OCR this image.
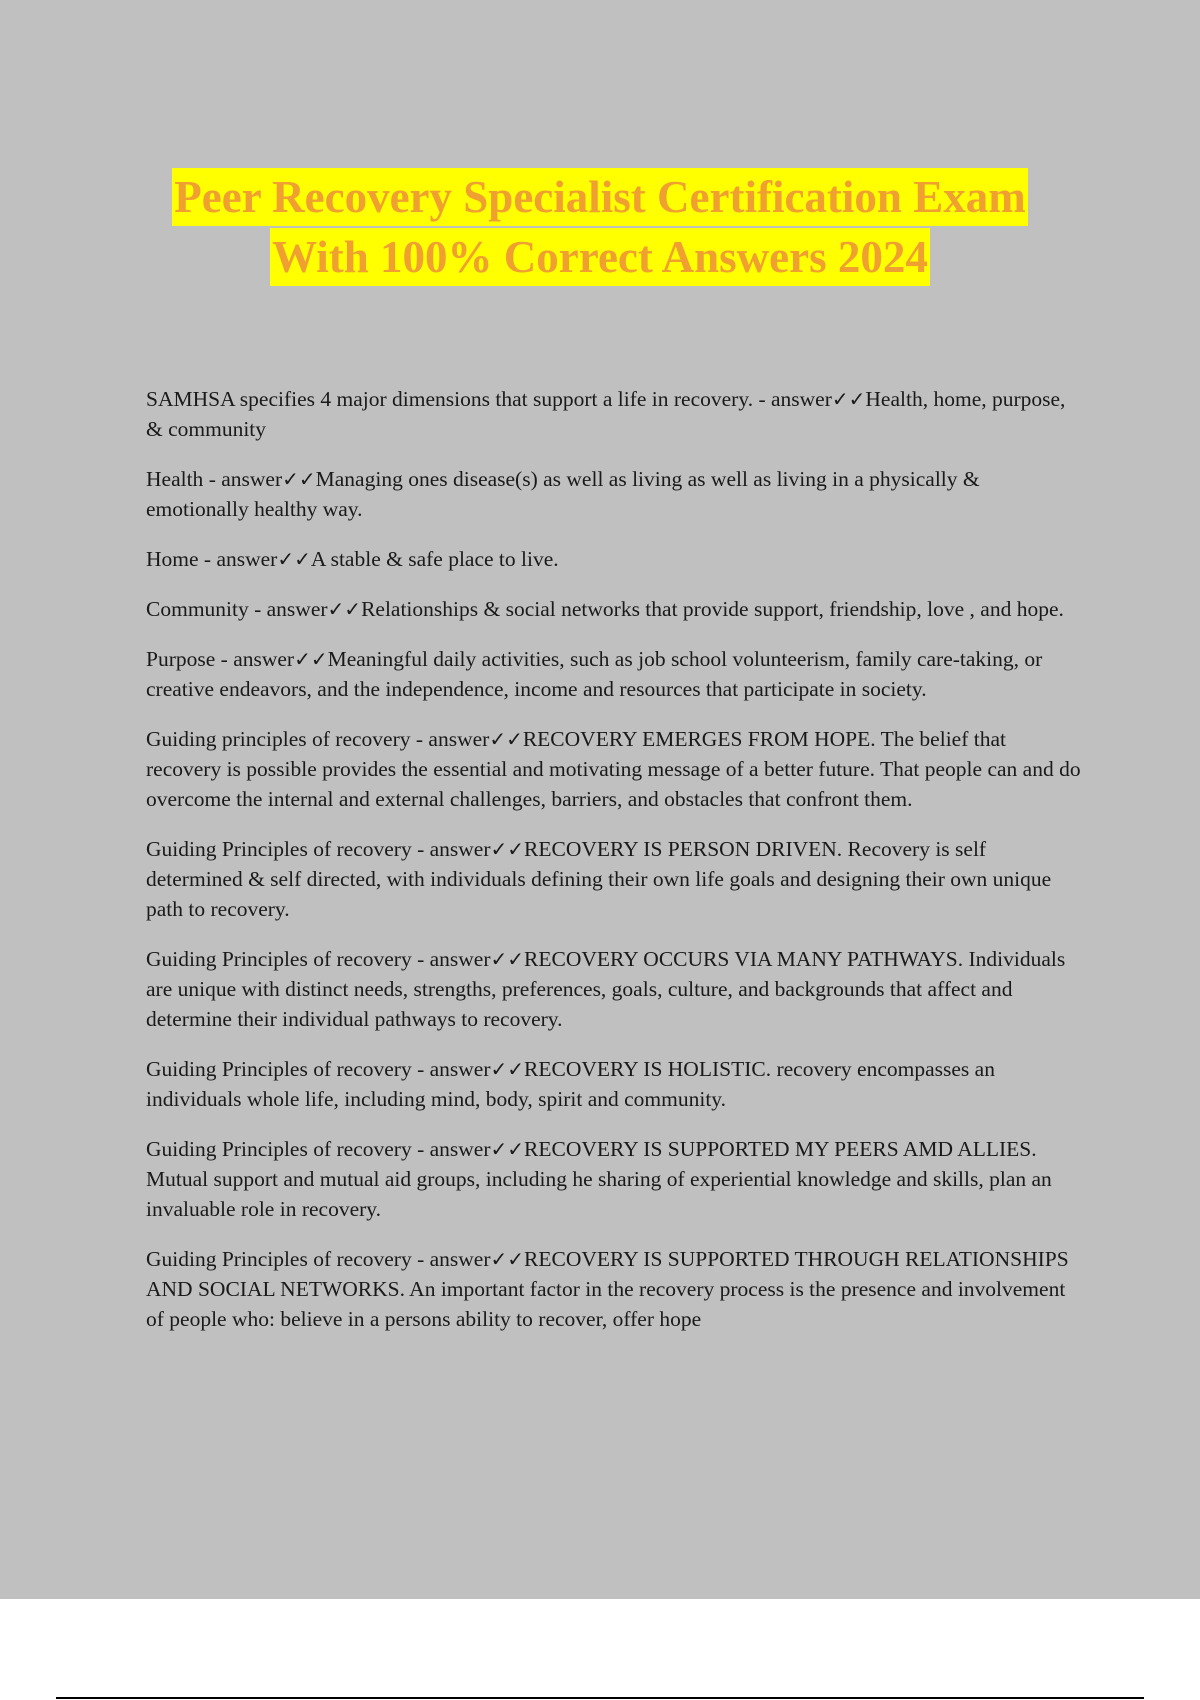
Peer Recovery Specialist Certification Exam
With 100% Correct Answers 2024

SAMHSA specifies 4 major dimensions that support a life in recovery. - answer✓✓Health, home, purpose, & community

Health - answer✓✓Managing ones disease(s) as well as living as well as living in a physically & emotionally healthy way.

Home - answer✓✓A stable & safe place to live.

Community - answer✓✓Relationships & social networks that provide support, friendship, love , and hope.

Purpose - answer✓✓Meaningful daily activities, such as job school volunteerism, family care-taking, or creative endeavors, and the independence, income and resources that participate in society.

Guiding principles of recovery - answer✓✓RECOVERY EMERGES FROM HOPE. The belief that recovery is possible provides the essential and motivating message of a better future. That people can and do overcome the internal and external challenges, barriers, and obstacles that confront them.

Guiding Principles of recovery - answer✓✓RECOVERY IS PERSON DRIVEN. Recovery is self determined & self directed, with individuals defining their own life goals and designing their own unique path to recovery.

Guiding Principles of recovery - answer✓✓RECOVERY OCCURS VIA MANY PATHWAYS. Individuals are unique with distinct needs, strengths, preferences, goals, culture, and backgrounds that affect and determine their individual pathways to recovery.

Guiding Principles of recovery - answer✓✓RECOVERY IS HOLISTIC. recovery encompasses an individuals whole life, including mind, body, spirit and community.

Guiding Principles of recovery - answer✓✓RECOVERY IS SUPPORTED MY PEERS AMD ALLIES. Mutual support and mutual aid groups, including he sharing of experiential knowledge and skills, plan an invaluable role in recovery.

Guiding Principles of recovery - answer✓✓RECOVERY IS SUPPORTED THROUGH RELATIONSHIPS AND SOCIAL NETWORKS. An important factor in the recovery process is the presence and involvement of people who: believe in a persons ability to recover, offer hope
